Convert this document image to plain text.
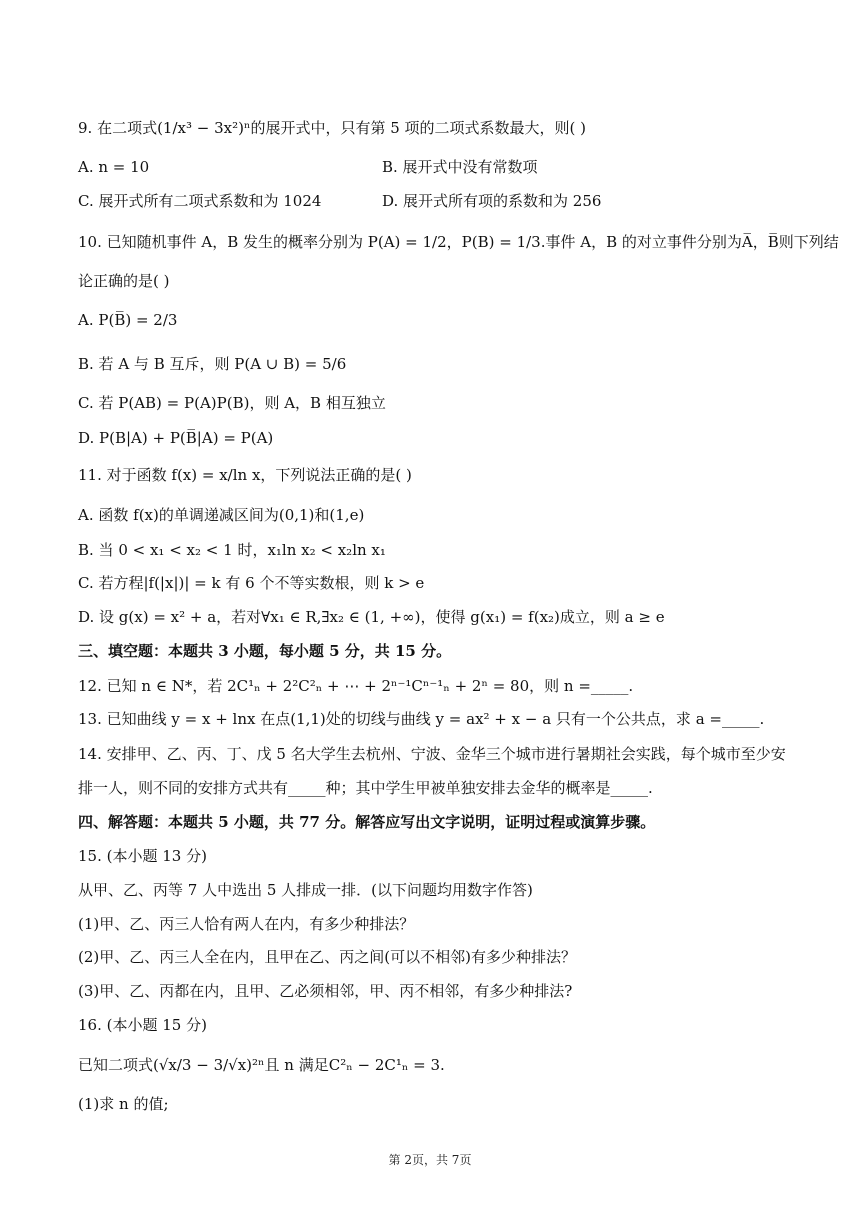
9. 在二项式(1/x³ − 3x²)ⁿ的展开式中，只有第 5 项的二项式系数最大，则( )
A. n = 10	B. 展开式中没有常数项
C. 展开式所有二项式系数和为 1024	D. 展开式所有项的系数和为 256
10. 已知随机事件 A，B 发生的概率分别为 P(A) = 1/2，P(B) = 1/3.事件 A，B 的对立事件分别为A̅，B̅则下列结
论正确的是( )
A. P(B̅) = 2/3
B. 若 A 与 B 互斥，则 P(A ∪ B) = 5/6
C. 若 P(AB) = P(A)P(B)，则 A，B 相互独立
D. P(B|A) + P(B̅|A) = P(A)
11. 对于函数 f(x) = x/ln x，下列说法正确的是( )
A. 函数 f(x)的单调递减区间为(0,1)和(1,e)
B. 当 0 < x₁ < x₂ < 1 时，x₁ln x₂ < x₂ln x₁
C. 若方程|f(|x|)| = k 有 6 个不等实数根，则 k > e
D. 设 g(x) = x² + a，若对∀x₁ ∈ R,∃x₂ ∈ (1, +∞)，使得 g(x₁) = f(x₂)成立，则 a ≥ e
三、填空题：本题共 3 小题，每小题 5 分，共 15 分。
12. 已知 n ∈ N*，若 2C¹ₙ + 2²C²ₙ + ⋯ + 2ⁿ⁻¹Cⁿ⁻¹ₙ + 2ⁿ = 80，则 n =_____.
13. 已知曲线 y = x + lnx 在点(1,1)处的切线与曲线 y = ax² + x − a 只有一个公共点，求 a =_____.
14. 安排甲、乙、丙、丁、戊 5 名大学生去杭州、宁波、金华三个城市进行暑期社会实践，每个城市至少安
排一人，则不同的安排方式共有_____种；其中学生甲被单独安排去金华的概率是_____.
四、解答题：本题共 5 小题，共 77 分。解答应写出文字说明，证明过程或演算步骤。
15. (本小题 13 分)
从甲、乙、丙等 7 人中选出 5 人排成一排．(以下问题均用数字作答)
(1)甲、乙、丙三人恰有两人在内，有多少种排法？
(2)甲、乙、丙三人全在内，且甲在乙、丙之间(可以不相邻)有多少种排法？
(3)甲、乙、丙都在内，且甲、乙必须相邻，甲、丙不相邻，有多少种排法?
16. (本小题 15 分)
已知二项式(√x/3 − 3/√x)²ⁿ且 n 满足C²ₙ − 2C¹ₙ = 3.
(1)求 n 的值;
第 2页，共 7页
